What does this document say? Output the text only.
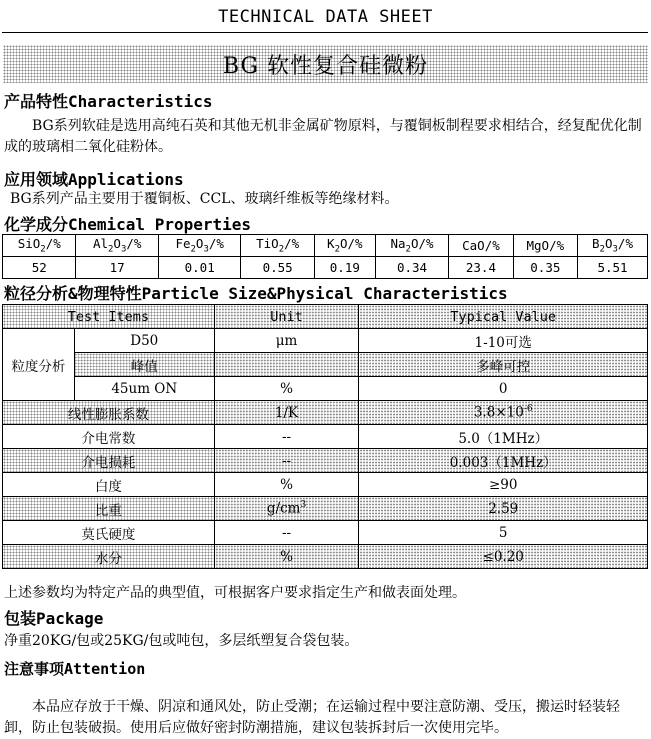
TECHNICAL DATA SHEET
BG 软性复合硅微粉
产品特性Characteristics
BG系列软硅是选用高纯石英和其他无机非金属矿物原料，与覆铜板制程要求相结合，经复配优化制成的玻璃相二氧化硅粉体。
应用领域Applications
BG系列产品主要用于覆铜板、CCL、玻璃纤维板等绝缘材料。
化学成分Chemical Properties
SiO$_2$/%	$Al_2O_3/\%$	$Fe_2O_3/\%$	TiO$_2$/%	$K_2O/\%$	$Na_2O/\%$	CaO/%	MgO/%	$B_2O_3/\%$
52	17	0.01	0.55	0.19	0.34	23.4	0.35	5.51
粒径分析&物理特性Particle Size&Physical Characteristics
Test Items		Unit	Typical Value
粒度分析	D50	μm	1-10可选
	峰值		多峰可控
	45um ON	%	0
线性膨胀系数		1/K	$3.8\times 10^{-6}$
介电常数		--	5.0（1MHz）
介电损耗		--	0.003（1MHz）
白度		%	≥90
比重		$g/cm^3$	2.59
莫氏硬度		--	5
水分		%	≤0.20
上述参数均为特定产品的典型值，可根据客户要求指定生产和做表面处理。
包装Package
净重20KG/包或25KG/包或吨包，多层纸塑复合袋包装。
注意事项Attention
本品应存放于干燥、阴凉和通风处，防止受潮；在运输过程中要注意防潮、受压，搬运时轻装轻卸，防止包装破损。使用后应做好密封防潮措施，建议包装拆封后一次使用完毕。
